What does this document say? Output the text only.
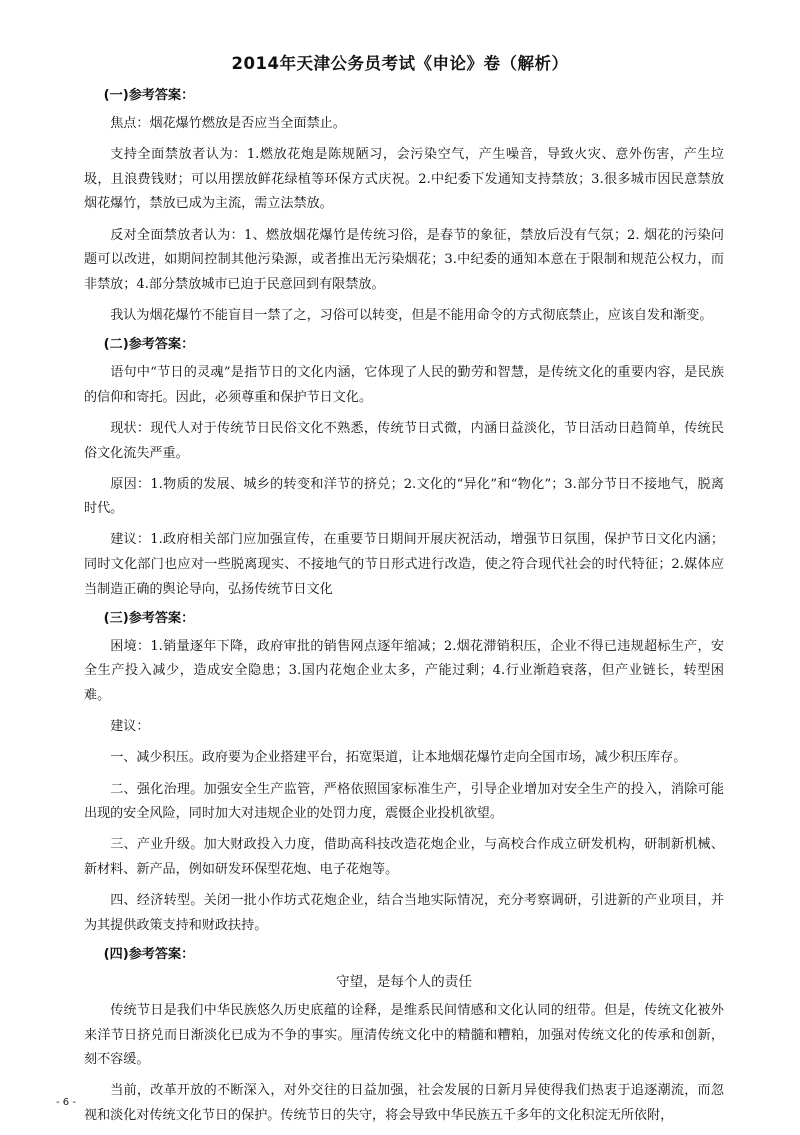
2014年天津公务员考试《申论》卷（解析）
(一)参考答案：

焦点：烟花爆竹燃放是否应当全面禁止。

支持全面禁放者认为：1.燃放花炮是陈规陋习，会污染空气，产生噪音，导致火灾、意外伤害，产生垃圾，且浪费钱财；可以用摆放鲜花绿植等环保方式庆祝。2.中纪委下发通知支持禁放；3.很多城市因民意禁放烟花爆竹，禁放已成为主流，需立法禁放。

反对全面禁放者认为：1、燃放烟花爆竹是传统习俗，是春节的象征，禁放后没有气氛；2. 烟花的污染问题可以改进，如期间控制其他污染源，或者推出无污染烟花；3.中纪委的通知本意在于限制和规范公权力，而非禁放；4.部分禁放城市已迫于民意回到有限禁放。

我认为烟花爆竹不能盲目一禁了之，习俗可以转变，但是不能用命令的方式彻底禁止，应该自发和渐变。

(二)参考答案：

语句中“节日的灵魂”是指节日的文化内涵，它体现了人民的勤劳和智慧，是传统文化的重要内容，是民族的信仰和寄托。因此，必须尊重和保护节日文化。

现状：现代人对于传统节日民俗文化不熟悉，传统节日式微，内涵日益淡化，节日活动日趋简单，传统民俗文化流失严重。

原因：1.物质的发展、城乡的转变和洋节的挤兑；2.文化的“异化”和“物化”；3.部分节日不接地气，脱离时代。

建议：1.政府相关部门应加强宣传，在重要节日期间开展庆祝活动，增强节日氛围，保护节日文化内涵；同时文化部门也应对一些脱离现实、不接地气的节日形式进行改造，使之符合现代社会的时代特征；2.媒体应当制造正确的舆论导向，弘扬传统节日文化

(三)参考答案：

困境：1.销量逐年下降，政府审批的销售网点逐年缩减；2.烟花滞销积压，企业不得已违规超标生产，安全生产投入减少，造成安全隐患；3.国内花炮企业太多，产能过剩；4.行业渐趋衰落，但产业链长，转型困难。

建议：

一、减少积压。政府要为企业搭建平台，拓宽渠道，让本地烟花爆竹走向全国市场，减少积压库存。

二、强化治理。加强安全生产监管，严格依照国家标准生产，引导企业增加对安全生产的投入，消除可能出现的安全风险，同时加大对违规企业的处罚力度，震慑企业投机欲望。

三、产业升级。加大财政投入力度，借助高科技改造花炮企业，与高校合作成立研发机构，研制新机械、新材料、新产品，例如研发环保型花炮、电子花炮等。

四、经济转型。关闭一批小作坊式花炮企业，结合当地实际情况，充分考察调研，引进新的产业项目，并为其提供政策支持和财政扶持。

(四)参考答案：

守望，是每个人的责任

传统节日是我们中华民族悠久历史底蕴的诠释，是维系民间情感和文化认同的纽带。但是，传统文化被外来洋节日挤兑而日渐淡化已成为不争的事实。厘清传统文化中的精髓和糟粕，加强对传统文化的传承和创新，刻不容缓。

当前，改革开放的不断深入，对外交往的日益加强，社会发展的日新月异使得我们热衷于追逐潮流，而忽视和淡化对传统文化节日的保护。传统节日的失守，将会导致中华民族五千多年的文化积淀无所依附，

- 6 -
